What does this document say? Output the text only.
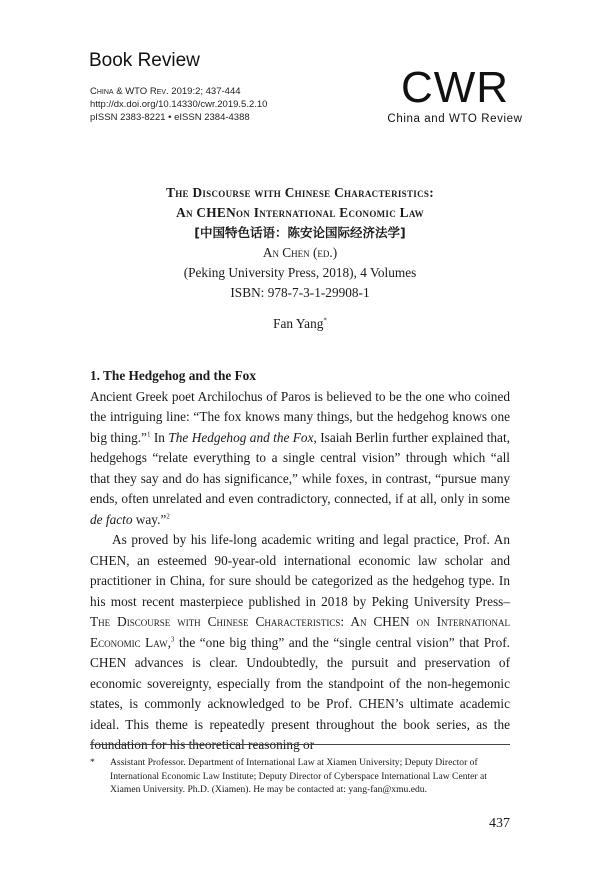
Book Review
China & WTO Rev. 2019:2; 437-444
http://dx.doi.org/10.14330/cwr.2019.5.2.10
pISSN 2383-8221 • eISSN 2384-4388
CWR
China and WTO Review
The Discourse with Chinese Characteristics:
An CHENon International Economic Law
[中国特色话语：陈安论国际经济法学]
An Chen (ed.)
(Peking University Press, 2018), 4 Volumes
ISBN: 978-7-3-1-29908-1
Fan Yang*
1. The Hedgehog and the Fox

Ancient Greek poet Archilochus of Paros is believed to be the one who coined the intriguing line: “The fox knows many things, but the hedgehog knows one big thing.”$^1$ In The Hedgehog and the Fox, Isaiah Berlin further explained that, hedgehogs “relate everything to a single central vision” through which “all that they say and do has significance,” while foxes, in contrast, “pursue many ends, often unrelated and even contradictory, connected, if at all, only in some de facto way.”$^2$

As proved by his life-long academic writing and legal practice, Prof. An CHEN, an esteemed 90-year-old international economic law scholar and practitioner in China, for sure should be categorized as the hedgehog type. In his most recent masterpiece published in 2018 by Peking University Press–The Discourse with Chinese Characteristics: An CHEN on International Economic Law,$^3$ the “one big thing” and the “single central vision” that Prof. CHEN advances is clear. Undoubtedly, the pursuit and preservation of economic sovereignty, especially from the standpoint of the non-hegemonic states, is commonly acknowledged to be Prof. CHEN’s ultimate academic ideal. This theme is repeatedly present throughout the book series, as the foundation for his theoretical reasoning or

* Assistant Professor. Department of International Law at Xiamen University; Deputy Director of International Economic Law Institute; Deputy Director of Cyberspace International Law Center at Xiamen University. Ph.D. (Xiamen). He may be contacted at: yang-fan@xmu.edu.
437
